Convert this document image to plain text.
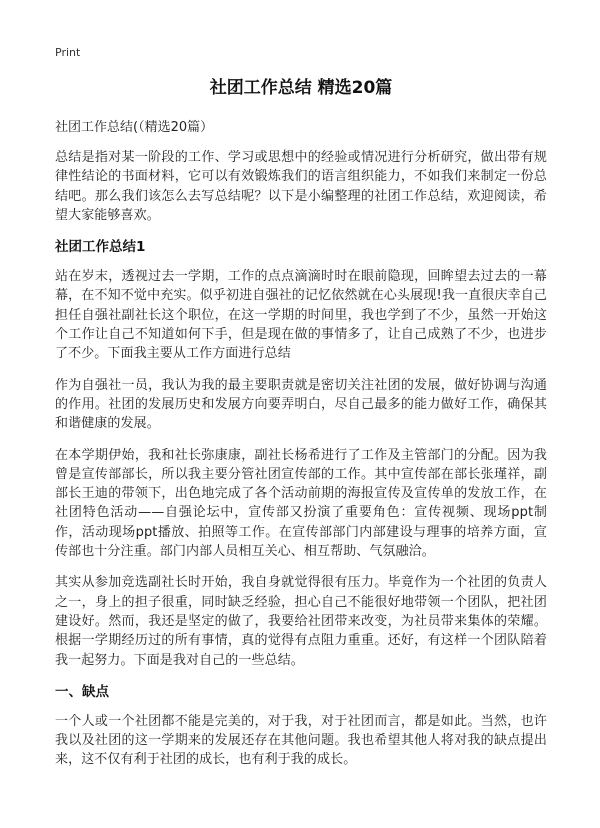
Print
社团工作总结 精选20篇
社团工作总结(（精选20篇）

总结是指对某一阶段的工作、学习或思想中的经验或情况进行分析研究，做出带有规律性结论的书面材料，它可以有效锻炼我们的语言组织能力，不如我们来制定一份总结吧。那么我们该怎么去写总结呢？以下是小编整理的社团工作总结，欢迎阅读，希望大家能够喜欢。

社团工作总结1

站在岁末，透视过去一学期，工作的点点滴滴时时在眼前隐现，回眸望去过去的一幕幕，在不知不觉中充实。似乎初进自强社的记忆依然就在心头展现!我一直很庆幸自己担任自强社副社长这个职位，在这一学期的时间里，我也学到了不少，虽然一开始这个工作让自己不知道如何下手，但是现在做的事情多了，让自己成熟了不少，也进步了不少。下面我主要从工作方面进行总结

作为自强社一员，我认为我的最主要职责就是密切关注社团的发展，做好协调与沟通的作用。社团的发展历史和发展方向要弄明白，尽自己最多的能力做好工作，确保其和谐健康的发展。

在本学期伊始，我和社长弥康康，副社长杨希进行了工作及主管部门的分配。因为我曾是宣传部部长，所以我主要分管社团宣传部的工作。其中宣传部在部长张瑾祥，副部长王迪的带领下，出色地完成了各个活动前期的海报宣传及宣传单的发放工作，在社团特色活动——自强论坛中，宣传部又扮演了重要角色：宣传视频、现场ppt制作，活动现场ppt播放、拍照等工作。在宣传部部门内部建设与理事的培养方面，宣传部也十分注重。部门内部人员相互关心、相互帮助、气氛融洽。

其实从参加竞选副社长时开始，我自身就觉得很有压力。毕竟作为一个社团的负责人之一，身上的担子很重，同时缺乏经验，担心自己不能很好地带领一个团队，把社团建设好。然而，我还是坚定的做了，我要给社团带来改变，为社员带来集体的荣耀。根据一学期经历过的所有事情，真的觉得有点阻力重重。还好，有这样一个团队陪着我一起努力。下面是我对自己的一些总结。

一、缺点

一个人或一个社团都不能是完美的，对于我，对于社团而言，都是如此。当然，也许我以及社团的这一学期来的发展还存在其他问题。我也希望其他人将对我的缺点提出来，这不仅有利于社团的成长，也有利于我的成长。
